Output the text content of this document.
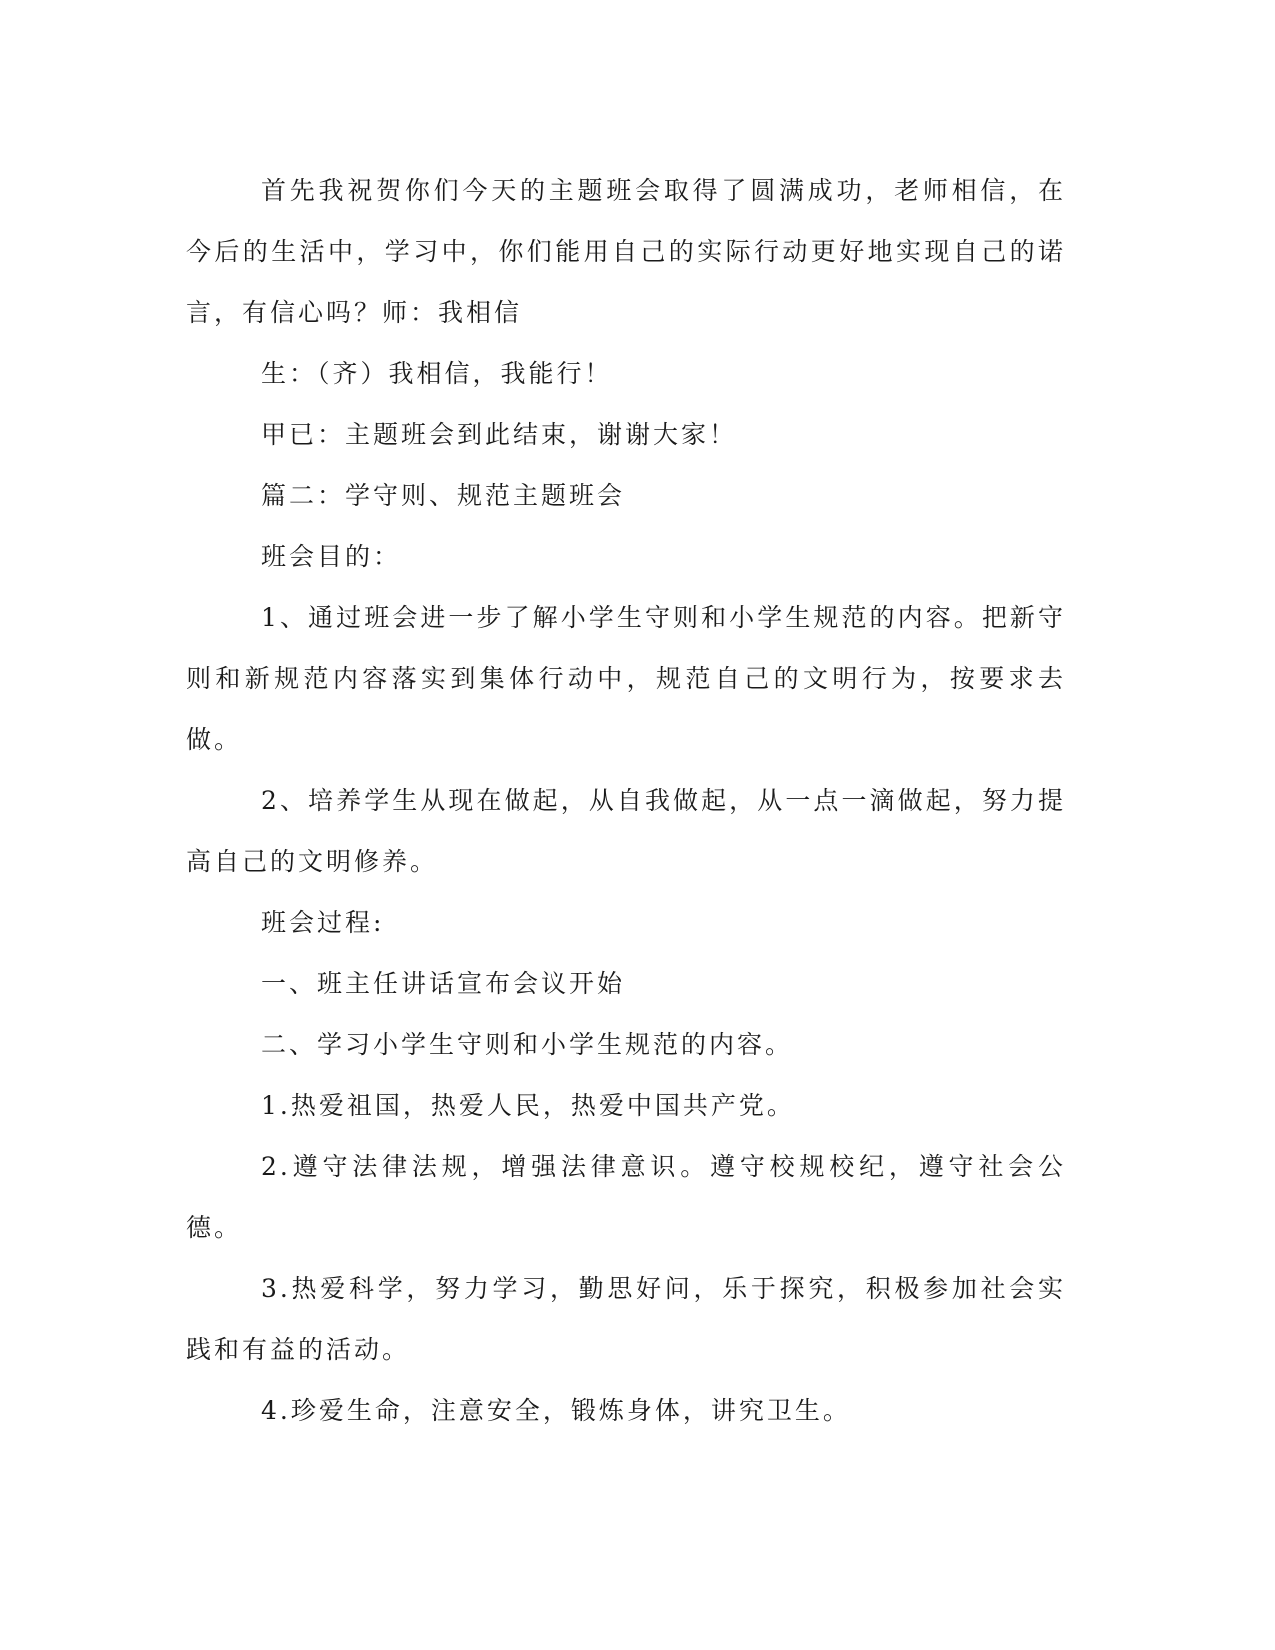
首先我祝贺你们今天的主题班会取得了圆满成功，老师相信，在今后的生活中，学习中，你们能用自己的实际行动更好地实现自己的诺言，有信心吗？师：我相信

生：（齐）我相信，我能行！

甲已：主题班会到此结束，谢谢大家！

篇二：学守则、规范主题班会

班会目的：

1、通过班会进一步了解小学生守则和小学生规范的内容。把新守则和新规范内容落实到集体行动中，规范自己的文明行为，按要求去做。

2、培养学生从现在做起，从自我做起，从一点一滴做起，努力提高自己的文明修养。

班会过程:

一、班主任讲话宣布会议开始

二、学习小学生守则和小学生规范的内容。

1.热爱祖国，热爱人民，热爱中国共产党。

2.遵守法律法规，增强法律意识。遵守校规校纪，遵守社会公德。

3.热爱科学，努力学习，勤思好问，乐于探究，积极参加社会实践和有益的活动。

4.珍爱生命，注意安全，锻炼身体，讲究卫生。
